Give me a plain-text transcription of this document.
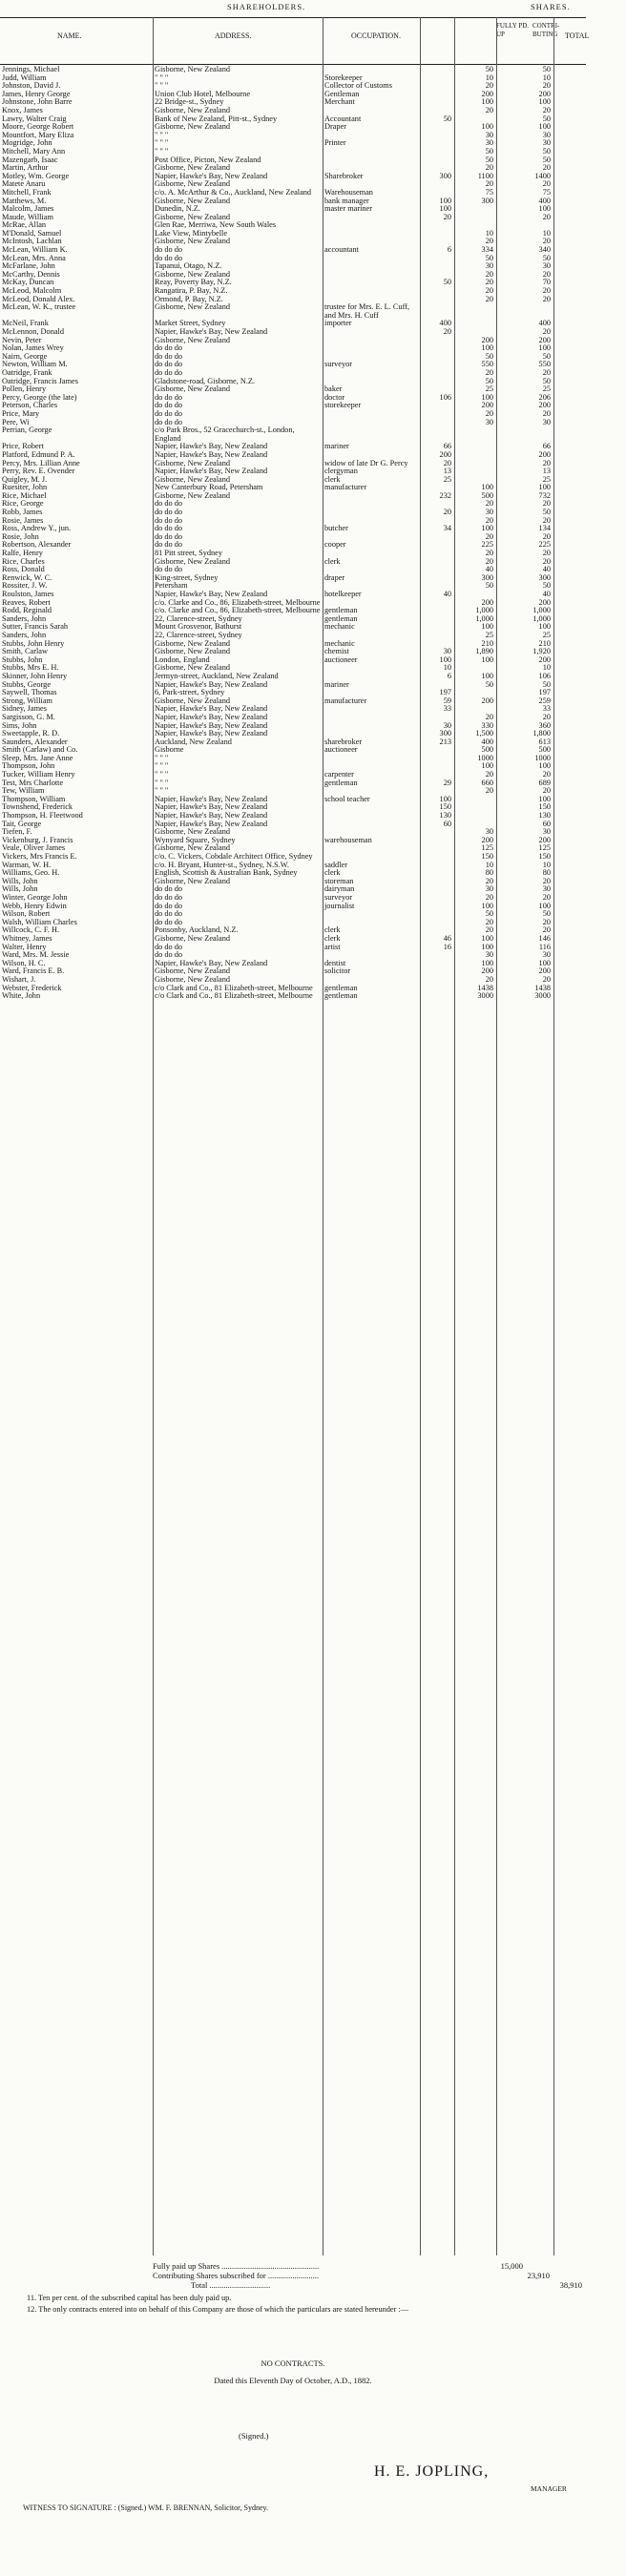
SHAREHOLDERS.	SHARES.
NAME.	ADDRESS.	OCCUPATION.
FULLY PD. UP
CONTRI- BUTING TOTAL
Jennings, Michael	Gisborne, New Zealand			50	50	
Judd, William	" " "	Storekeeper		10	10	
Johnston, David J.	" " "	Collector of Customs		20	20	
James, Henry George	Union Club Hotel, Melbourne	Gentleman		200	200	
Johnstone, John Barre	22 Bridge-st., Sydney	Merchant		100	100	
Knox, James	Gisborne, New Zealand			20	20	
Lawry, Walter Craig	Bank of New Zealand, Pitt-st., Sydney	Accountant	50		50	
Moore, George Robert	Gisborne, New Zealand	Draper		100	100	
Mountfort, Mary Eliza	" " "			30	30	
Mogridge, John	" " "	Printer		30	30	
Mitchell, Mary Ann	" " "			50	50	
Mazengarb, Isaac	Post Office, Picton, New Zealand			50	50	
Martin, Arthur	Gisborne, New Zealand			20	20	
Motley, Wm. George	Napier, Hawke's Bay, New Zealand	Sharebroker	300	1100	1400	
Matete Anaru	Gisborne, New Zealand			20	20	
Mitchell, Frank	c/o. A. McArthur & Co., Auckland, New Zealand	Warehouseman		75	75	
Matthews, M.	Gisborne, New Zealand	bank manager	100	300	400	
Malcolm, James	Dunedin, N.Z.	master mariner	100		100	
Maude, William	Gisborne, New Zealand		20		20	
McRae, Allan	Glen Rae, Merriwa, New South Wales					
M'Donald, Samuel	Lake View, Mintybelle			10	10	
McIntosh, Lachlan	Gisborne, New Zealand			20	20	
McLean, William K.	do do do	accountant	6	334	340	
McLean, Mrs. Anna	do do do			50	50	
McFarlane, John	Tapanui, Otago, N.Z.			30	30	
McCarthy, Dennis	Gisborne, New Zealand			20	20	
McKay, Duncan	Reay, Poverty Bay, N.Z.		50	20	70	
McLeod, Malcolm	Rangatira, P. Bay, N.Z.			20	20	
McLeod, Donald Alex.	Ormond, P. Bay, N.Z.			20	20	
McLean, W. K., trustee	Gisborne, New Zealand	trustee for Mrs. E. L. Cuff, and Mrs. H. Cuff				
McNeil, Frank	Market Street, Sydney	importer	400		400	
McLennon, Donald	Napier, Hawke's Bay, New Zealand		20		20	
Nevin, Peter	Gisborne, New Zealand			200	200	
Nolan, James Wrey	do do do			100	100	
Nairn, George	do do do			50	50	
Newton, William M.	do do do	surveyor		550	550	
Oatridge, Frank	do do do			20	20	
Oatridge, Francis James	Gladstone-road, Gisborne, N.Z.			50	50	
Pollen, Henry	Gisborne, New Zealand	baker		25	25	
Percy, George (the late)	do do do	doctor	106	100	206	
Peterson, Charles	do do do	storekeeper		200	200	
Price, Mary	do do do			20	20	
Pere, Wi	do do do			30	30	
Perrian, George	c/o Park Bros., 52 Gracechurch-st., London, England					
Price, Robert	Napier, Hawke's Bay, New Zealand	mariner	66		66	
Platford, Edmund P. A.	Napier, Hawke's Bay, New Zealand		200		200	
Percy, Mrs. Lillian Anne	Gisborne, New Zealand	widow of late Dr G. Percy	20		20	
Perry, Rev. E. Ovender	Napier, Hawke's Bay, New Zealand	clergyman	13		13	
Quigley, M. J.	Gisborne, New Zealand	clerk	25		25	
Ruesiter, John	New Canterbury Road, Petersham	manufacturer		100	100	
Rice, Michael	Gisborne, New Zealand		232	500	732	
Rice, George	do do do			20	20	
Robb, James	do do do		20	30	50	
Rosie, James	do do do			20	20	
Ross, Andrew Y., jun.	do do do	butcher	34	100	134	
Rosie, John	do do do			20	20	
Robertson, Alexander	do do do	cooper		225	225	
Ralfe, Henry	81 Pitt street, Sydney			20	20	
Rice, Charles	Gisborne, New Zealand	clerk		20	20	
Ross, Donald	do do do			40	40	
Renwick, W. C.	King-street, Sydney	draper		300	300	
Rossiter, J. W.	Petersham			50	50	
Roulston, James	Napier, Hawke's Bay, New Zealand	hotelkeeper	40		40	
Reaves, Robert	c/o. Clarke and Co., 86, Elizabeth-street, Melbourne			200	200	
Rodd, Reginald	c/o. Clarke and Co., 86, Elizabeth-street, Melbourne	gentleman		1,000	1,000	
Sanders, John	22, Clarence-street, Sydney	gentleman		1,000	1,000	
Sutter, Francis Sarah	Mount Grosvenor, Bathurst	mechanic		100	100	
Sanders, John	22, Clarence-street, Sydney			25	25	
Stubbs, John Henry	Gisborne, New Zealand	mechanic		210	210	
Smith, Carlaw	Gisborne, New Zealand	chemist	30	1,890	1,920	
Stubbs, John	London, England	auctioneer	100	100	200	
Stubbs, Mrs E. H.	Gisborne, New Zealand		10		10	
Skinner, John Henry	Jermyn-street, Auckland, New Zealand		6	100	106	
Stubbs, George	Napier, Hawke's Bay, New Zealand	mariner		50	50	
Saywell, Thomas	6, Park-street, Sydney		197		197	
Strong, William	Gisborne, New Zealand	manufacturer	59	200	259	
Sidney, James	Napier, Hawke's Bay, New Zealand		33		33	
Sargisson, G. M.	Napier, Hawke's Bay, New Zealand			20	20	
Sims, John	Napier, Hawke's Bay, New Zealand		30	330	360	
Sweetapple, R. D.	Napier, Hawke's Bay, New Zealand		300	1,500	1,800	
Saunders, Alexander	Auckland, New Zealand	sharebroker	213	400	613	
Smith (Carlaw) and Co.	Gisborne	auctioneer		500	500	
Sleep, Mrs. Jane Anne	" " "			1000	1000	
Thompson, John	" " "			100	100	
Tucker, William Henry	" " "	carpenter		20	20	
Test, Mrs Charlotte	" " "	gentleman	29	660	689	
Tew, William	" " "			20	20	
Thompson, William	Napier, Hawke's Bay, New Zealand	school teacher	100		100	
Townshend, Frederick	Napier, Hawke's Bay, New Zealand		150		150	
Thompson, H. Fleetwood	Napier, Hawke's Bay, New Zealand		130		130	
Tait, George	Napier, Hawke's Bay, New Zealand		60		60	
Tiefen, F.	Gisborne, New Zealand			30	30	
Vickenburg, J. Francis	Wynyard Square, Sydney	warehouseman		200	200	
Veale, Oliver James	Gisborne, New Zealand			125	125	
Vickers, Mrs Francis E.	c/o. C. Vickers, Cobdale Architect Office, Sydney			150	150	
Warman, W. H.	c/o. H. Bryant, Hunter-st., Sydney, N.S.W.	saddler		10	10	
Williams, Geo. H.	English, Scottish & Australian Bank, Sydney	clerk		80	80	
Wills, John	Gisborne, New Zealand	storeman		20	20	
Wills, John	do do do	dairyman		30	30	
Winter, George John	do do do	surveyor		20	20	
Webb, Henry Edwin	do do do	journalist		100	100	
Wilson, Robert	do do do			50	50	
Walsh, William Charles	do do do			20	20	
Willcock, C. F. H.	Ponsonby, Auckland, N.Z.	clerk		20	20	
Whitney, James	Gisborne, New Zealand	clerk	46	100	146	
Walter, Henry	do do do	artist	16	100	116	
Ward, Mrs. M. Jessie	do do do			30	30	
Wilson, H. C.	Napier, Hawke's Bay, New Zealand	dentist		100	100	
Ward, Francis E. B.	Gisborne, New Zealand	solicitor		200	200	
Wishart, J.	Gisborne, New Zealand			20	20	
Webster, Frederick	c/o Clark and Co., 81 Elizabeth-street, Melbourne	gentleman		1438	1438	
White, John	c/o Clark and Co., 81 Elizabeth-street, Melbourne	gentleman		3000	3000	
Fully paid up Shares ................................................	15,000
Contributing Shares subscribed for .........................	23,910
Total ..............................	38,910
11. Ten per cent. of the subscribed capital has been duly paid up.
12. The only contracts entered into on behalf of this Company are those of which the particulars are stated hereunder :—
NO CONTRACTS.
Dated this Eleventh Day of October, A.D., 1882.
(Signed.)
H. E. JOPLING,
MANAGER
WITNESS TO SIGNATURE : (Signed.) WM. F. BRENNAN, Solicitor, Sydney.
